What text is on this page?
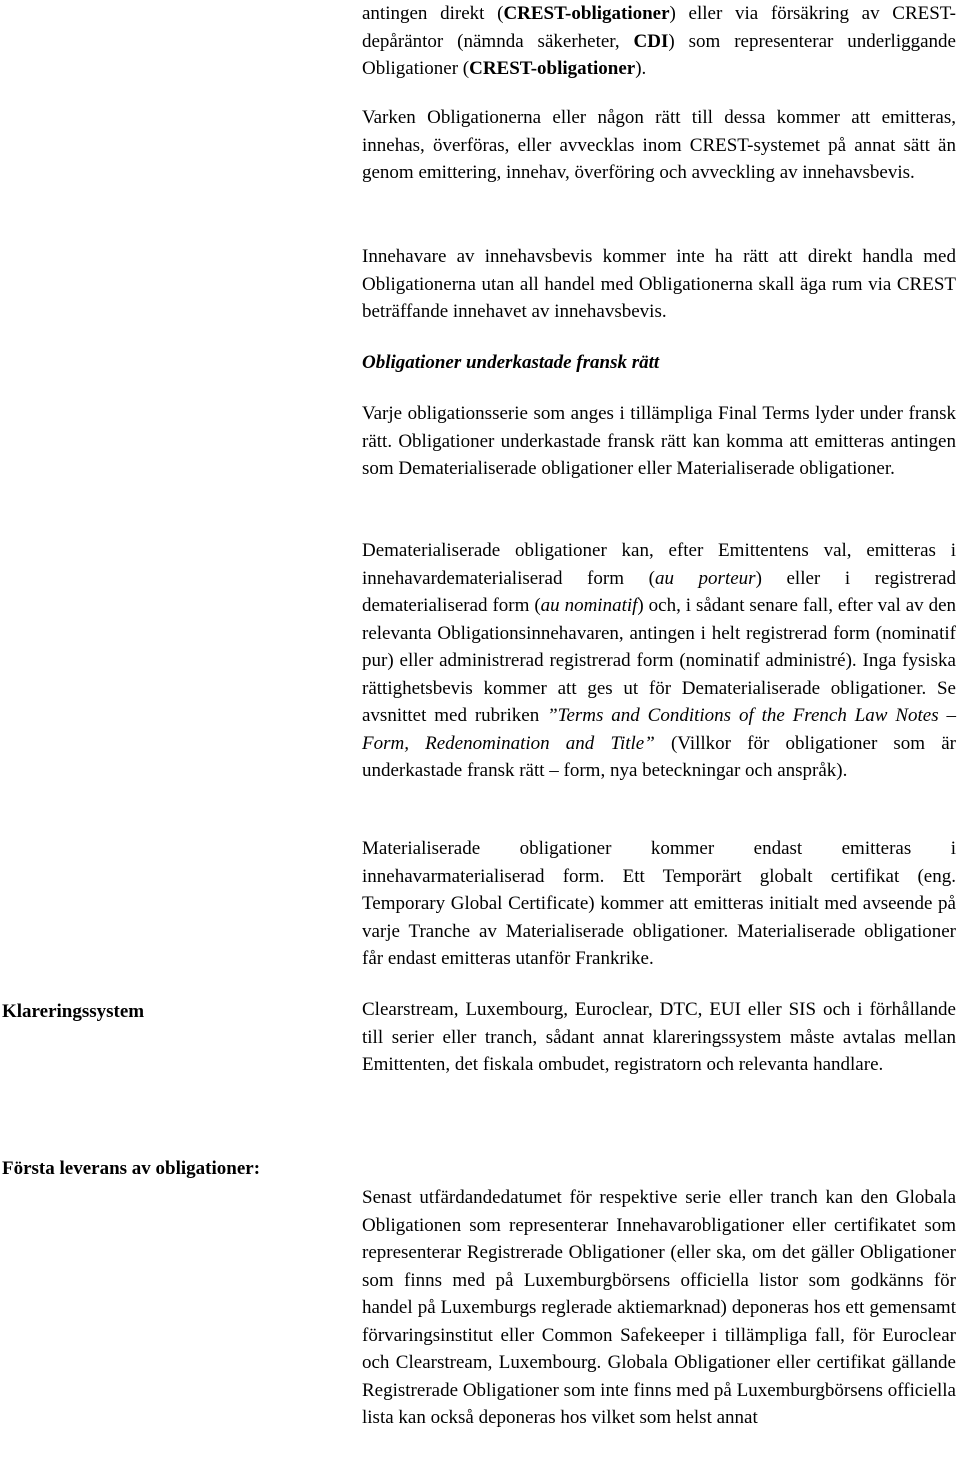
antingen direkt (CREST-obligationer) eller via försäkring av CREST-depåräntor (nämnda säkerheter, CDI) som representerar underliggande Obligationer (CREST-obligationer).

Varken Obligationerna eller någon rätt till dessa kommer att emitteras, innehas, överföras, eller avvecklas inom CREST-systemet på annat sätt än genom emittering, innehav, överföring och avveckling av innehavsbevis.

Innehavare av innehavsbevis kommer inte ha rätt att direkt handla med Obligationerna utan all handel med Obligationerna skall äga rum via CREST beträffande innehavet av innehavsbevis.

Obligationer underkastade fransk rätt

Varje obligationsserie som anges i tillämpliga Final Terms lyder under fransk rätt. Obligationer underkastade fransk rätt kan komma att emitteras antingen som Dematerialiserade obligationer eller Materialiserade obligationer.

Dematerialiserade obligationer kan, efter Emittentens val, emitteras i innehavardematerialiserad form (au porteur) eller i registrerad dematerialiserad form (au nominatif) och, i sådant senare fall, efter val av den relevanta Obligationsinnehavaren, antingen i helt registrerad form (nominatif pur) eller administrerad registrerad form (nominatif administré). Inga fysiska rättighetsbevis kommer att ges ut för Dematerialiserade obligationer. Se avsnittet med rubriken ”Terms and Conditions of the French Law Notes – Form, Redenomination and Title” (Villkor för obligationer som är underkastade fransk rätt – form, nya beteckningar och anspråk).

Materialiserade obligationer kommer endast emitteras i innehavarmaterialiserad form. Ett Temporärt globalt certifikat (eng. Temporary Global Certificate) kommer att emitteras initialt med avseende på varje Tranche av Materialiserade obligationer. Materialiserade obligationer får endast emitteras utanför Frankrike.

Klareringssystem	Clearstream, Luxembourg, Euroclear, DTC, EUI eller SIS och i förhållande till serier eller tranch, sådant annat klareringssystem måste avtalas mellan Emittenten, det fiskala ombudet, registratorn och relevanta handlare.

Första leverans av obligationer:

Senast utfärdandedatumet för respektive serie eller tranch kan den Globala Obligationen som representerar Innehavarobligationer eller certifikatet som representerar Registrerade Obligationer (eller ska, om det gäller Obligationer som finns med på Luxemburgbörsens officiella listor som godkänns för handel på Luxemburgs reglerade aktiemarknad) deponeras hos ett gemensamt förvaringsinstitut eller Common Safekeeper i tillämpliga fall, för Euroclear och Clearstream, Luxembourg. Globala Obligationer eller certifikat gällande Registrerade Obligationer som inte finns med på Luxemburgbörsens officiella lista kan också deponeras hos vilket som helst annat
